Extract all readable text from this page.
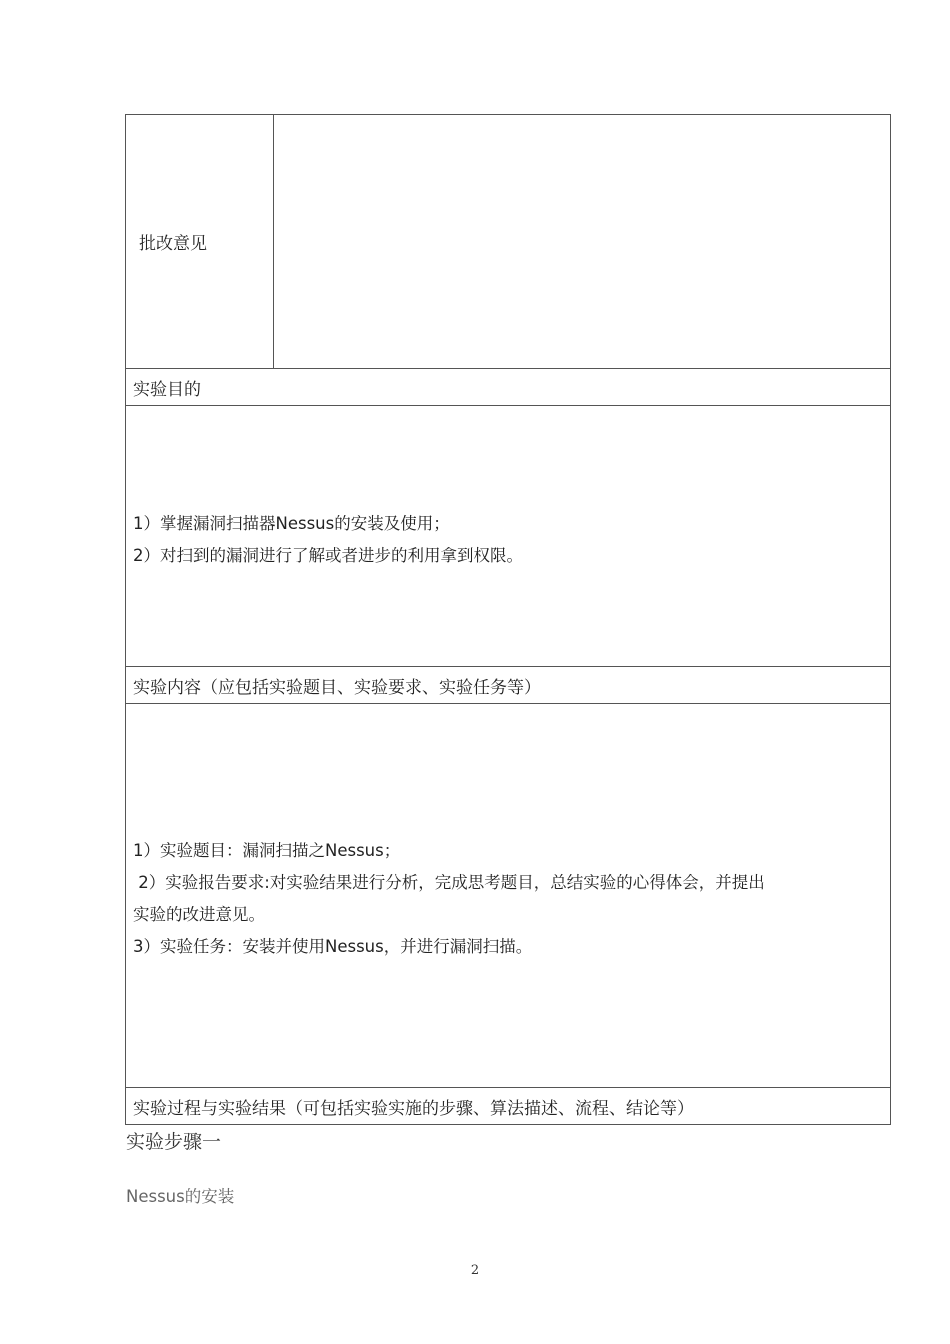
批改意见
实验目的
1）掌握漏洞扫描器Nessus的安装及使用；
2）对扫到的漏洞进行了解或者进步的利用拿到权限。
实验内容（应包括实验题目、实验要求、实验任务等）
1）实验题目：漏洞扫描之Nessus；
2）实验报告要求:对实验结果进行分析，完成思考题目，总结实验的心得体会，并提出
实验的改进意见。
3）实验任务：安装并使用Nessus，并进行漏洞扫描。
实验过程与实验结果（可包括实验实施的步骤、算法描述、流程、结论等）
实验步骤一
Nessus的安装
2
